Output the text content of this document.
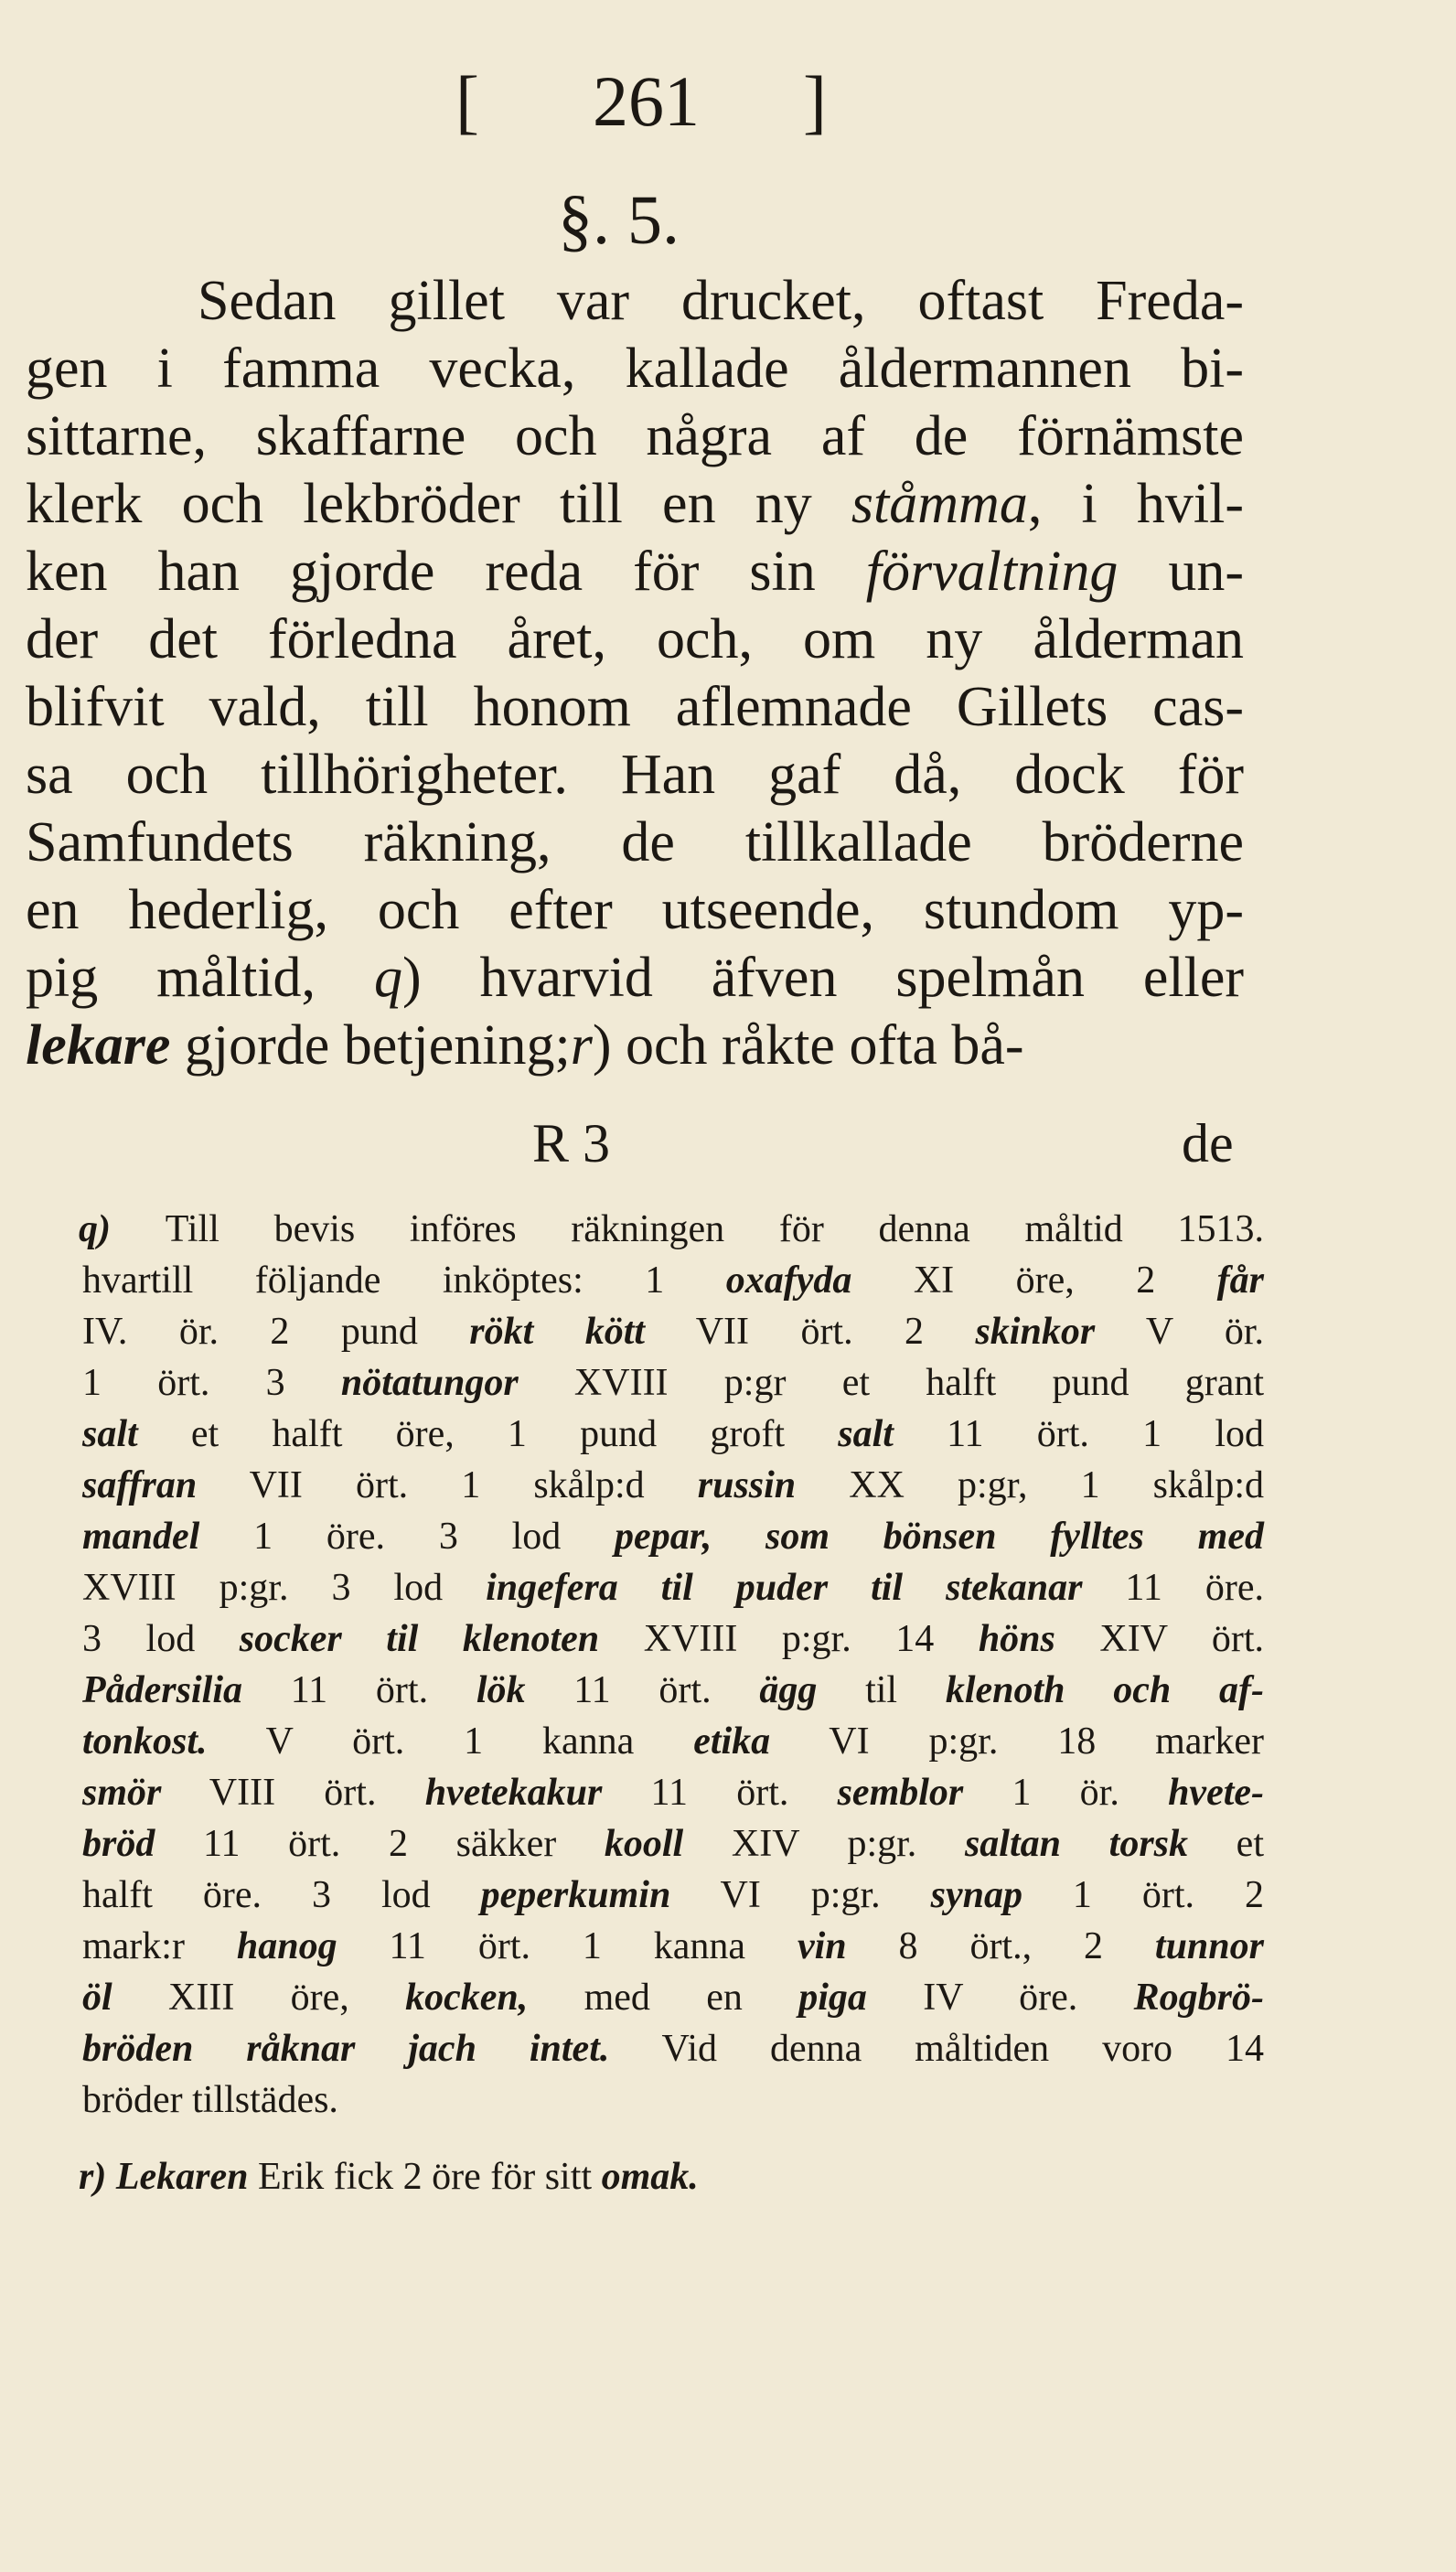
[ 261 ]
§. 5.
Sedan gillet var drucket, oftast Freda-
gen i famma vecka, kallade åldermannen bi-
sittarne, skaffarne och några af de förnämste
klerk och lekbröder till en ny ståmma, i hvil-
ken han gjorde reda för sin förvaltning un-
der det förledna året, och, om ny ålderman
blifvit vald, till honom aflemnade Gillets cas-
sa och tillhörigheter. Han gaf då, dock för
Samfundets räkning, de tillkallade bröderne
en hederlig, och efter utseende, stundom yp-
pig måltid, q) hvarvid äfven spelmån eller
lekare gjorde betjening;r) och råkte ofta bå-
R 3	de
q) Till bevis införes räkningen för denna måltid 1513.
hvartill följande inköptes: 1 oxafyda XI öre, 2 får
IV. ör. 2 pund rökt kött VII ört. 2 skinkor V ör.
1 ört. 3 nötatungor XVIII p:gr et halft pund grant
salt et halft öre, 1 pund groft salt 11 ört. 1 lod
saffran VII ört. 1 skålp:d russin XX p:gr, 1 skålp:d
mandel 1 öre. 3 lod pepar, som bönsen fylltes med
XVIII p:gr. 3 lod ingefera til puder til stekanar 11 öre.
3 lod socker til klenoten XVIII p:gr. 14 höns XIV ört.
Pådersilia 11 ört. lök 11 ört. ägg til klenoth och af-
tonkost. V ört. 1 kanna etika VI p:gr. 18 marker
smör VIII ört. hvetekakur 11 ört. semblor 1 ör. hvete-
bröd 11 ört. 2 säkker kooll XIV p:gr. saltan torsk et
halft öre. 3 lod peperkumin VI p:gr. synap 1 ört. 2
mark:r hanog 11 ört. 1 kanna vin 8 ört., 2 tunnor
öl XIII öre, kocken, med en piga IV öre. Rogbrö-
bröden råknar jach intet. Vid denna måltiden voro 14
bröder tillstädes.
r) Lekaren Erik fick 2 öre för sitt omak.
